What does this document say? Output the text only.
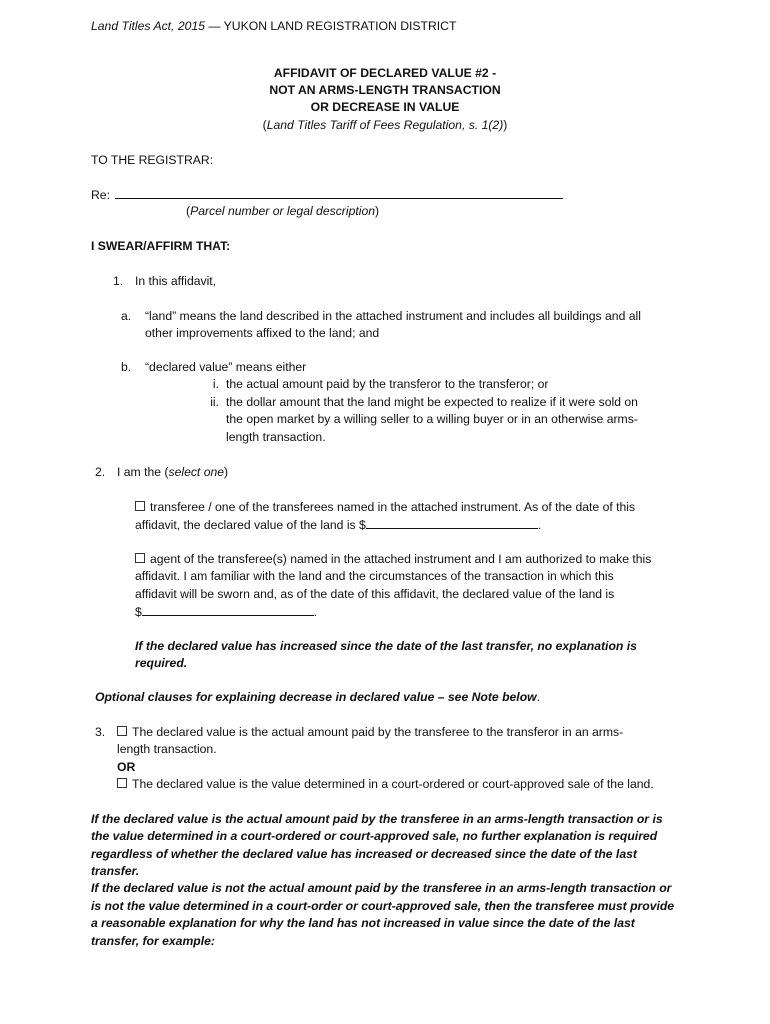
Land Titles Act, 2015 — YUKON LAND REGISTRATION DISTRICT
AFFIDAVIT OF DECLARED VALUE #2 -
NOT AN ARMS-LENGTH TRANSACTION
OR DECREASE IN VALUE
(Land Titles Tariff of Fees Regulation, s. 1(2))
TO THE REGISTRAR:
Re:
(Parcel number or legal description)
I SWEAR/AFFIRM THAT:
1. In this affidavit,
a. “land” means the land described in the attached instrument and includes all buildings and all
other improvements affixed to the land; and
b. “declared value” means either
i. the actual amount paid by the transferor to the transferor; or
ii. the dollar amount that the land might be expected to realize if it were sold on
the open market by a willing seller to a willing buyer or in an otherwise arms-
length transaction.
2. I am the (select one)
transferee / one of the transferees named in the attached instrument. As of the date of this
affidavit, the declared value of the land is $	.
agent of the transferee(s) named in the attached instrument and I am authorized to make this
affidavit. I am familiar with the land and the circumstances of the transaction in which this
affidavit will be sworn and, as of the date of this affidavit, the declared value of the land is
$	.
If the declared value has increased since the date of the last transfer, no explanation is
required.
Optional clauses for explaining decrease in declared value – see Note below.
3.	The declared value is the actual amount paid by the transferee to the transferor in an arms-
length transaction.
OR
The declared value is the value determined in a court-ordered or court-approved sale of the land.
If the declared value is the actual amount paid by the transferee in an arms-length transaction or is
the value determined in a court-ordered or court-approved sale, no further explanation is required
regardless of whether the declared value has increased or decreased since the date of the last
transfer.
If the declared value is not the actual amount paid by the transferee in an arms-length transaction or
is not the value determined in a court-order or court-approved sale, then the transferee must provide
a reasonable explanation for why the land has not increased in value since the date of the last
transfer, for example:
